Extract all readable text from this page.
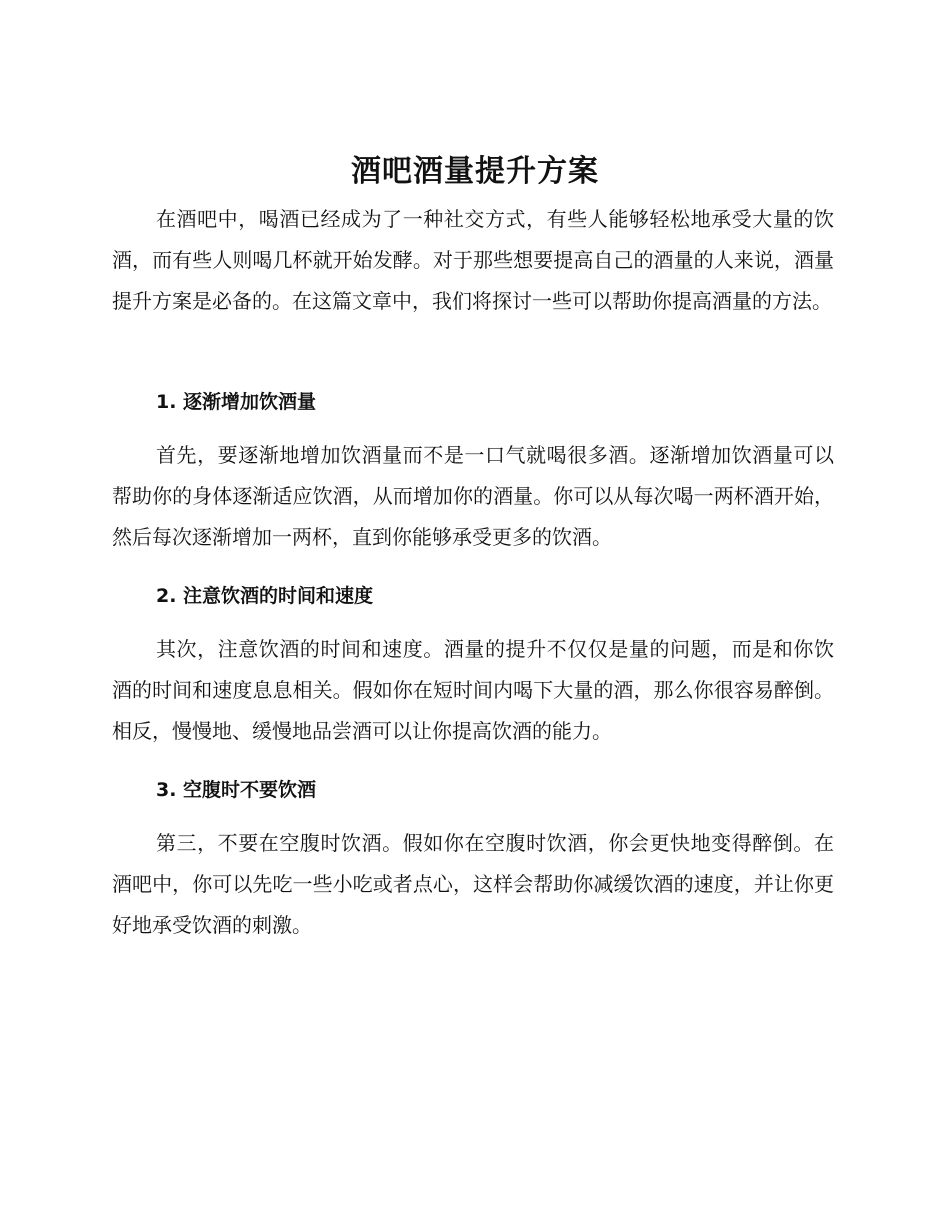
酒吧酒量提升方案

在酒吧中，喝酒已经成为了一种社交方式，有些人能够轻松地承受大量的饮酒，而有些人则喝几杯就开始发酵。对于那些想要提高自己的酒量的人来说，酒量提升方案是必备的。在这篇文章中，我们将探讨一些可以帮助你提高酒量的方法。

1. 逐渐增加饮酒量

首先，要逐渐地增加饮酒量而不是一口气就喝很多酒。逐渐增加饮酒量可以帮助你的身体逐渐适应饮酒，从而增加你的酒量。你可以从每次喝一两杯酒开始，然后每次逐渐增加一两杯，直到你能够承受更多的饮酒。

2. 注意饮酒的时间和速度

其次，注意饮酒的时间和速度。酒量的提升不仅仅是量的问题，而是和你饮酒的时间和速度息息相关。假如你在短时间内喝下大量的酒，那么你很容易醉倒。相反，慢慢地、缓慢地品尝酒可以让你提高饮酒的能力。

3. 空腹时不要饮酒

第三，不要在空腹时饮酒。假如你在空腹时饮酒，你会更快地变得醉倒。在酒吧中，你可以先吃一些小吃或者点心，这样会帮助你减缓饮酒的速度，并让你更好地承受饮酒的刺激。
